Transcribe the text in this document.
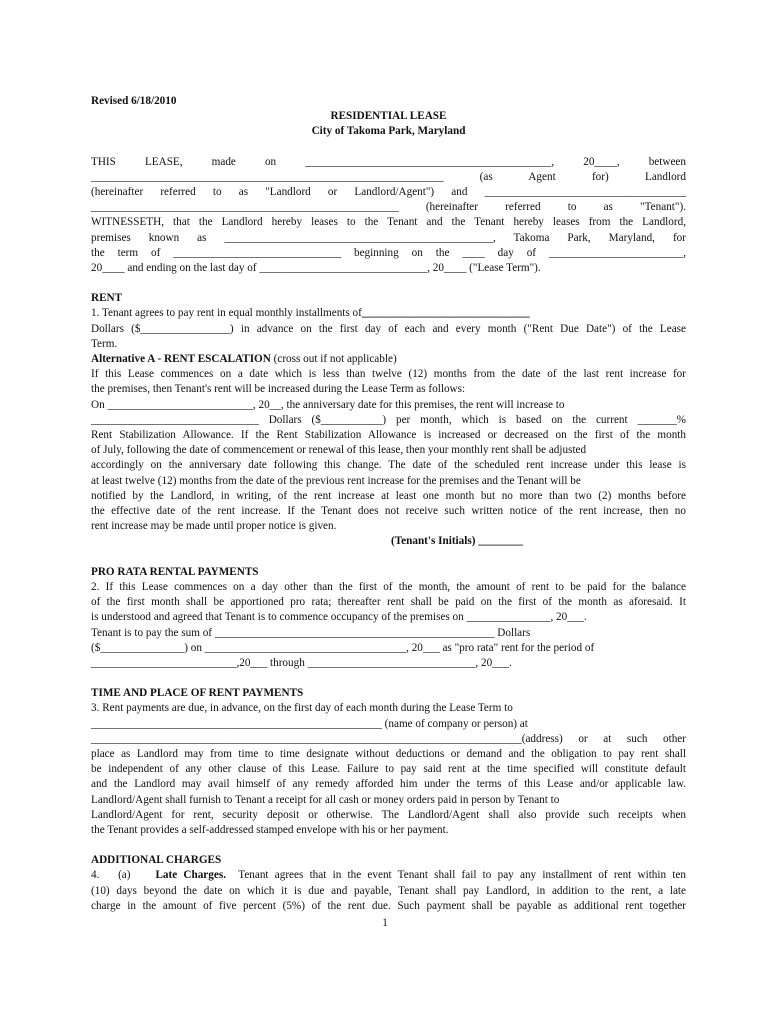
Revised 6/18/2010
RESIDENTIAL LEASE
City of Takoma Park, Maryland
THIS LEASE, made on ____________________________________________, 20____, between
_______________________________________________________________ (as Agent for) Landlord
(hereinafter referred to as "Landlord or Landlord/Agent") and ____________________________________
_______________________________________________________ (hereinafter referred to as "Tenant").
WITNESSETH, that the Landlord hereby leases to the Tenant and the Tenant hereby leases from the Landlord,
premises known as ________________________________________________, Takoma Park, Maryland, for
the term of ______________________________ beginning on the ____ day of ________________________,
20____ and ending on the last day of ______________________________, 20____ ("Lease Term").
RENT
1. Tenant agrees to pay rent in equal monthly installments of______________________________
Dollars ($________________) in advance on the first day of each and every month ("Rent Due Date") of the Lease
Term.
Alternative A - RENT ESCALATION (cross out if not applicable)
If this Lease commences on a date which is less than twelve (12) months from the date of the last rent increase for
the premises, then Tenant's rent will be increased during the Lease Term as follows:
On __________________________, 20__, the anniversary date for this premises, the rent will increase to
______________________________ Dollars ($___________) per month, which is based on the current _______%
Rent Stabilization Allowance. If the Rent Stabilization Allowance is increased or decreased on the first of the month
of July, following the date of commencement or renewal of this lease, then your monthly rent shall be adjusted
accordingly on the anniversary date following this change. The date of the scheduled rent increase under this lease is
at least twelve (12) months from the date of the previous rent increase for the premises and the Tenant will be
notified by the Landlord, in writing, of the rent increase at least one month but no more than two (2) months before
the effective date of the rent increase. If the Tenant does not receive such written notice of the rent increase, then no
rent increase may be made until proper notice is given.
(Tenant's Initials) ________
PRO RATA RENTAL PAYMENTS
2. If this Lease commences on a day other than the first of the month, the amount of rent to be paid for the balance
of the first month shall be apportioned pro rata; thereafter rent shall be paid on the first of the month as aforesaid. It
is understood and agreed that Tenant is to commence occupancy of the premises on _______________, 20___.
Tenant is to pay the sum of __________________________________________________ Dollars
($_______________) on ____________________________________, 20___ as "pro rata" rent for the period of
__________________________,20___ through ______________________________, 20___.
TIME AND PLACE OF RENT PAYMENTS
3. Rent payments are due, in advance, on the first day of each month during the Lease Term to
____________________________________________________ (name of company or person) at
_____________________________________________________________________________(address) or at such other
place as Landlord may from time to time designate without deductions or demand and the obligation to pay rent shall
be independent of any other clause of this Lease. Failure to pay said rent at the time specified will constitute default
and the Landlord may avail himself of any remedy afforded him under the terms of this Lease and/or applicable law.
Landlord/Agent shall furnish to Tenant a receipt for all cash or money orders paid in person by Tenant to
Landlord/Agent for rent, security deposit or otherwise. The Landlord/Agent shall also provide such receipts when
the Tenant provides a self-addressed stamped envelope with his or her payment.
ADDITIONAL CHARGES
4.   (a)    Late Charges.  Tenant agrees that in the event Tenant shall fail to pay any installment of rent within ten
(10) days beyond the date on which it is due and payable, Tenant shall pay Landlord, in addition to the rent, a late
charge in the amount of five percent (5%) of the rent due. Such payment shall be payable as additional rent together
1
